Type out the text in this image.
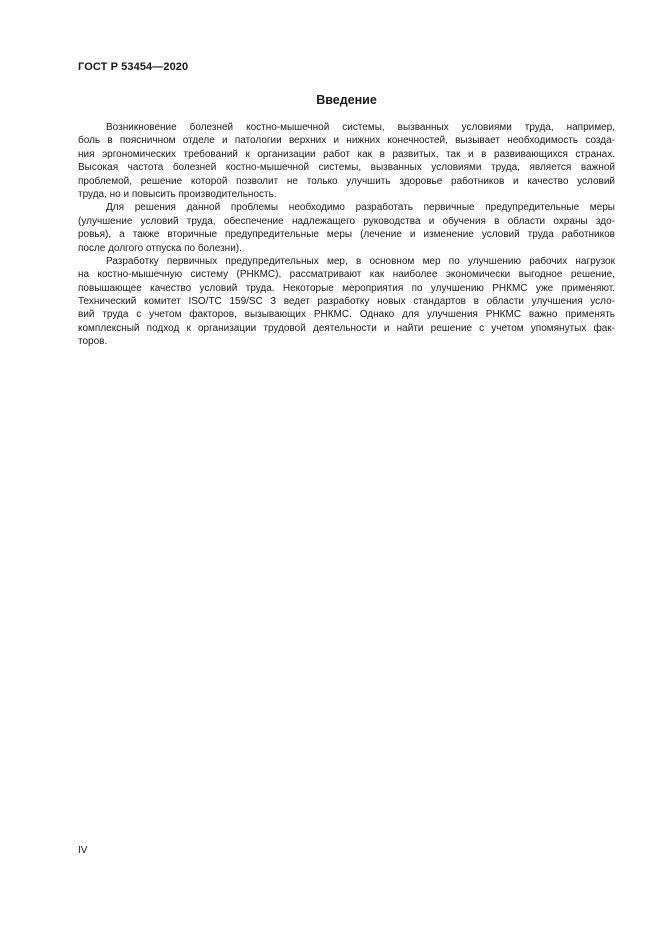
ГОСТ Р 53454—2020
Введение
Возникновение болезней костно-мышечной системы, вызванных условиями труда, например,
боль в поясничном отделе и патологии верхних и нижних конечностей, вызывает необходимость созда-
ния эргономических требований к организации работ как в развитых, так и в развивающихся странах.
Высокая частота болезней костно-мышечной системы, вызванных условиями труда, является важной
проблемой, решение которой позволит не только улучшить здоровье работников и качество условий
труда, но и повысить производительность.
Для решения данной проблемы необходимо разработать первичные предупредительные меры
(улучшение условий труда, обеспечение надлежащего руководства и обучения в области охраны здо-
ровья), а также вторичные предупредительные меры (лечение и изменение условий труда работников
после долгого отпуска по болезни).
Разработку первичных предупредительных мер, в основном мер по улучшению рабочих нагрузок
на костно-мышечную систему (РНКМС), рассматривают как наиболее экономически выгодное решение,
повышающее качество условий труда. Некоторые мероприятия по улучшению РНКМС уже применяют.
Технический комитет ISO/TC 159/SC 3 ведет разработку новых стандартов в области улучшения усло-
вий труда с учетом факторов, вызывающих РНКМС. Однако для улучшения РНКМС важно применять
комплексный подход к организации трудовой деятельности и найти решение с учетом упомянутых фак-
торов.
IV
